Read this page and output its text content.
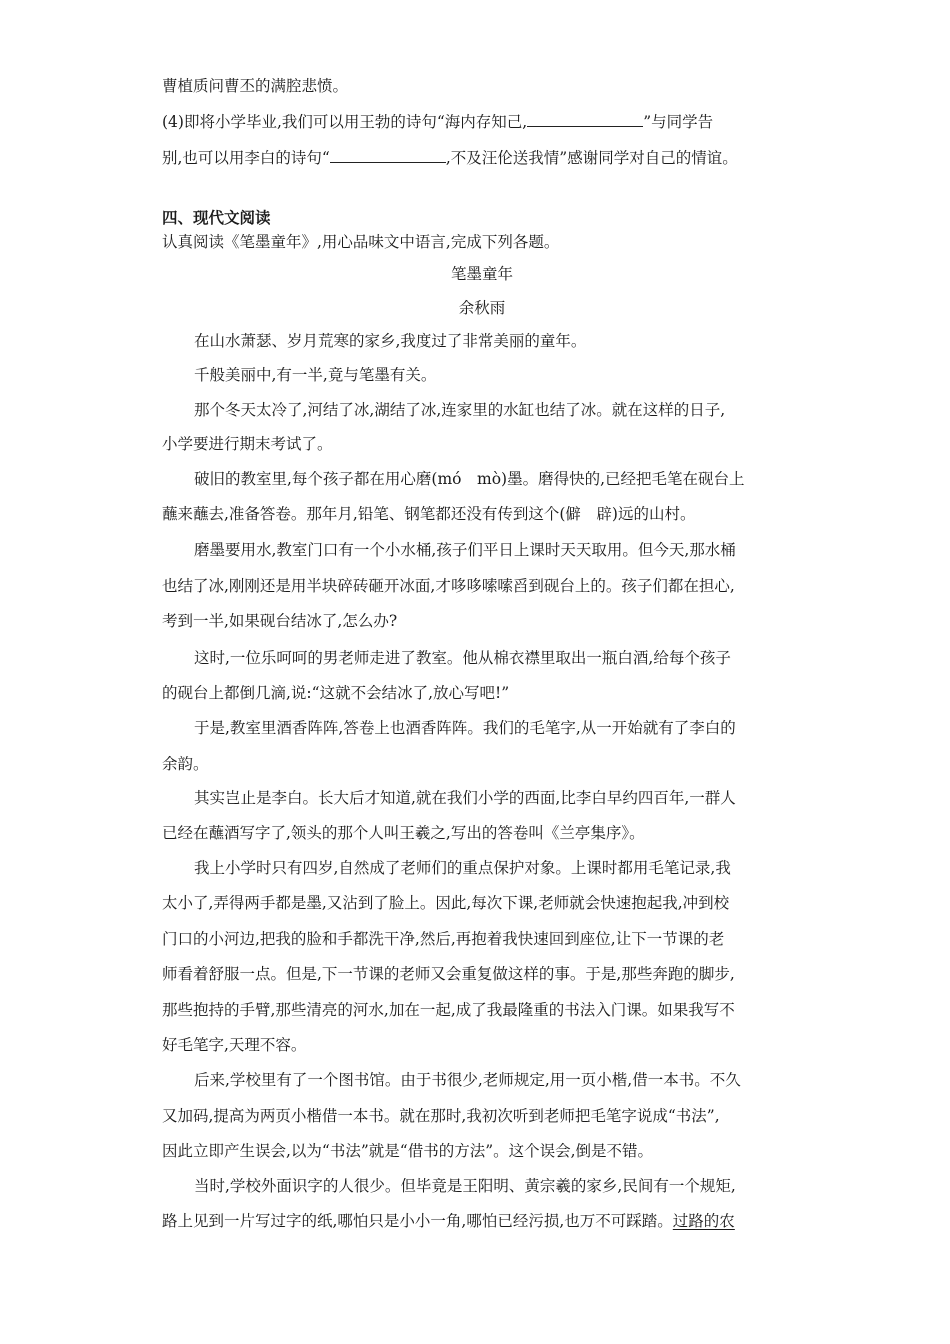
曹植质问曹丕的满腔悲愤。
(4)即将小学毕业,我们可以用王勃的诗句“海内存知己,	”与同学告
别,也可以用李白的诗句“	,不及汪伦送我情”感谢同学对自己的情谊。
四、现代文阅读
认真阅读《笔墨童年》,用心品味文中语言,完成下列各题。
笔墨童年
余秋雨
在山水萧瑟、岁月荒寒的家乡,我度过了非常美丽的童年。
千般美丽中,有一半,竟与笔墨有关。
那个冬天太冷了,河结了冰,湖结了冰,连家里的水缸也结了冰。就在这样的日子,
小学要进行期末考试了。
破旧的教室里,每个孩子都在用心磨(mó　mò)墨。磨得快的,已经把毛笔在砚台上
蘸来蘸去,准备答卷。那年月,铅笔、钢笔都还没有传到这个(僻　辟)远的山村。
磨墨要用水,教室门口有一个小水桶,孩子们平日上课时天天取用。但今天,那水桶
也结了冰,刚刚还是用半块碎砖砸开冰面,才哆哆嗦嗦舀到砚台上的。孩子们都在担心,
考到一半,如果砚台结冰了,怎么办?
这时,一位乐呵呵的男老师走进了教室。他从棉衣襟里取出一瓶白酒,给每个孩子
的砚台上都倒几滴,说:“这就不会结冰了,放心写吧!”
于是,教室里酒香阵阵,答卷上也酒香阵阵。我们的毛笔字,从一开始就有了李白的
余韵。
其实岂止是李白。长大后才知道,就在我们小学的西面,比李白早约四百年,一群人
已经在蘸酒写字了,领头的那个人叫王羲之,写出的答卷叫《兰亭集序》。
我上小学时只有四岁,自然成了老师们的重点保护对象。上课时都用毛笔记录,我
太小了,弄得两手都是墨,又沾到了脸上。因此,每次下课,老师就会快速抱起我,冲到校
门口的小河边,把我的脸和手都洗干净,然后,再抱着我快速回到座位,让下一节课的老
师看着舒服一点。但是,下一节课的老师又会重复做这样的事。于是,那些奔跑的脚步,
那些抱持的手臂,那些清亮的河水,加在一起,成了我最隆重的书法入门课。如果我写不
好毛笔字,天理不容。
后来,学校里有了一个图书馆。由于书很少,老师规定,用一页小楷,借一本书。不久
又加码,提高为两页小楷借一本书。就在那时,我初次听到老师把毛笔字说成“书法”,
因此立即产生误会,以为“书法”就是“借书的方法”。这个误会,倒是不错。
当时,学校外面识字的人很少。但毕竟是王阳明、黄宗羲的家乡,民间有一个规矩,
路上见到一片写过字的纸,哪怕只是小小一角,哪怕已经污损,也万不可踩踏。过路的农
